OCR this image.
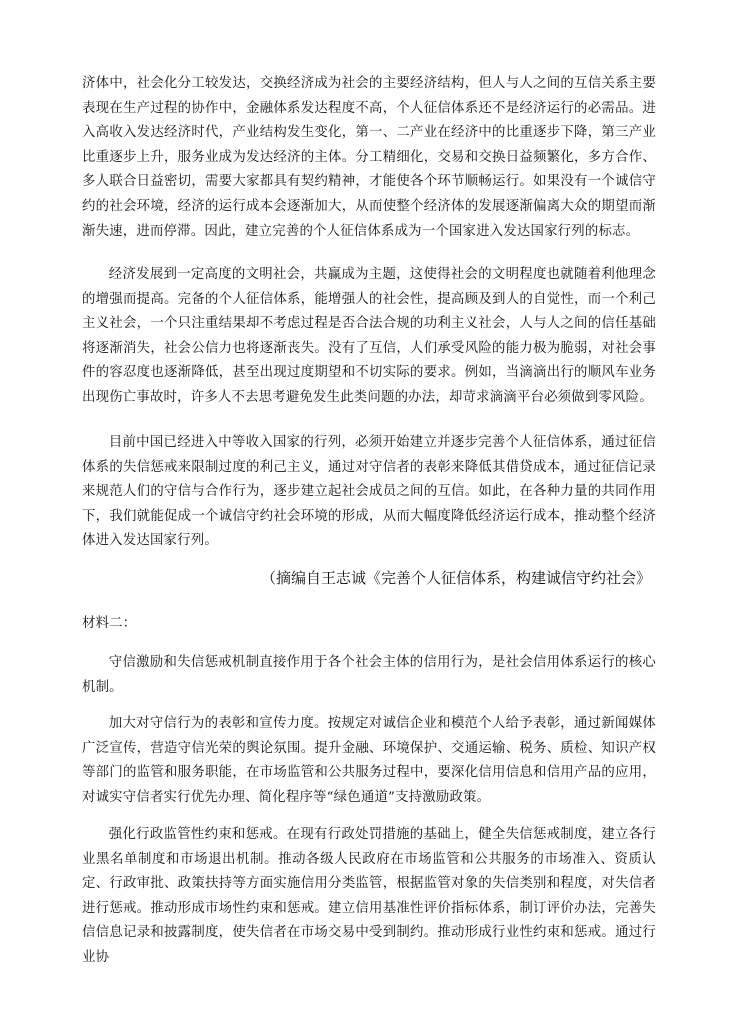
济体中，社会化分工较发达，交换经济成为社会的主要经济结构，但人与人之间的互信关系主要表现在生产过程的协作中，金融体系发达程度不高，个人征信体系还不是经济运行的必需品。进入高收入发达经济时代，产业结构发生变化，第一、二产业在经济中的比重逐步下降，第三产业比重逐步上升，服务业成为发达经济的主体。分工精细化，交易和交换日益频繁化，多方合作、多人联合日益密切，需要大家都具有契约精神，才能使各个环节顺畅运行。如果没有一个诚信守约的社会环境，经济的运行成本会逐渐加大，从而使整个经济体的发展逐渐偏离大众的期望而渐渐失速，进而停滞。因此，建立完善的个人征信体系成为一个国家进入发达国家行列的标志。
经济发展到一定高度的文明社会，共赢成为主题，这使得社会的文明程度也就随着利他理念的增强而提高。完备的个人征信体系，能增强人的社会性，提高顾及到人的自觉性，而一个利己主义社会，一个只注重结果却不考虑过程是否合法合规的功利主义社会，人与人之间的信任基础将逐渐消失，社会公信力也将逐渐丧失。没有了互信，人们承受风险的能力极为脆弱，对社会事件的容忍度也逐渐降低，甚至出现过度期望和不切实际的要求。例如，当滴滴出行的顺风车业务出现伤亡事故时，许多人不去思考避免发生此类问题的办法，却苛求滴滴平台必须做到零风险。
目前中国已经进入中等收入国家的行列，必须开始建立并逐步完善个人征信体系，通过征信体系的失信惩戒来限制过度的利己主义，通过对守信者的表彰来降低其借贷成本，通过征信记录来规范人们的守信与合作行为，逐步建立起社会成员之间的互信。如此，在各种力量的共同作用下，我们就能促成一个诚信守约社会环境的形成，从而大幅度降低经济运行成本，推动整个经济体进入发达国家行列。
（摘编自王志诚《完善个人征信体系，构建诚信守约社会》
材料二：
守信激励和失信惩戒机制直接作用于各个社会主体的信用行为，是社会信用体系运行的核心机制。
加大对守信行为的表彰和宣传力度。按规定对诚信企业和模范个人给予表彰，通过新闻媒体广泛宣传，营造守信光荣的舆论氛围。提升金融、环境保护、交通运输、税务、质检、知识产权等部门的监管和服务职能，在市场监管和公共服务过程中，要深化信用信息和信用产品的应用，对诚实守信者实行优先办理、简化程序等“绿色通道”支持激励政策。
强化行政监管性约束和惩戒。在现有行政处罚措施的基础上，健全失信惩戒制度，建立各行业黑名单制度和市场退出机制。推动各级人民政府在市场监管和公共服务的市场准入、资质认定、行政审批、政策扶持等方面实施信用分类监管，根据监管对象的失信类别和程度，对失信者进行惩戒。推动形成市场性约束和惩戒。建立信用基准性评价指标体系，制订评价办法，完善失信信息记录和披露制度，使失信者在市场交易中受到制约。推动形成行业性约束和惩戒。通过行业协
